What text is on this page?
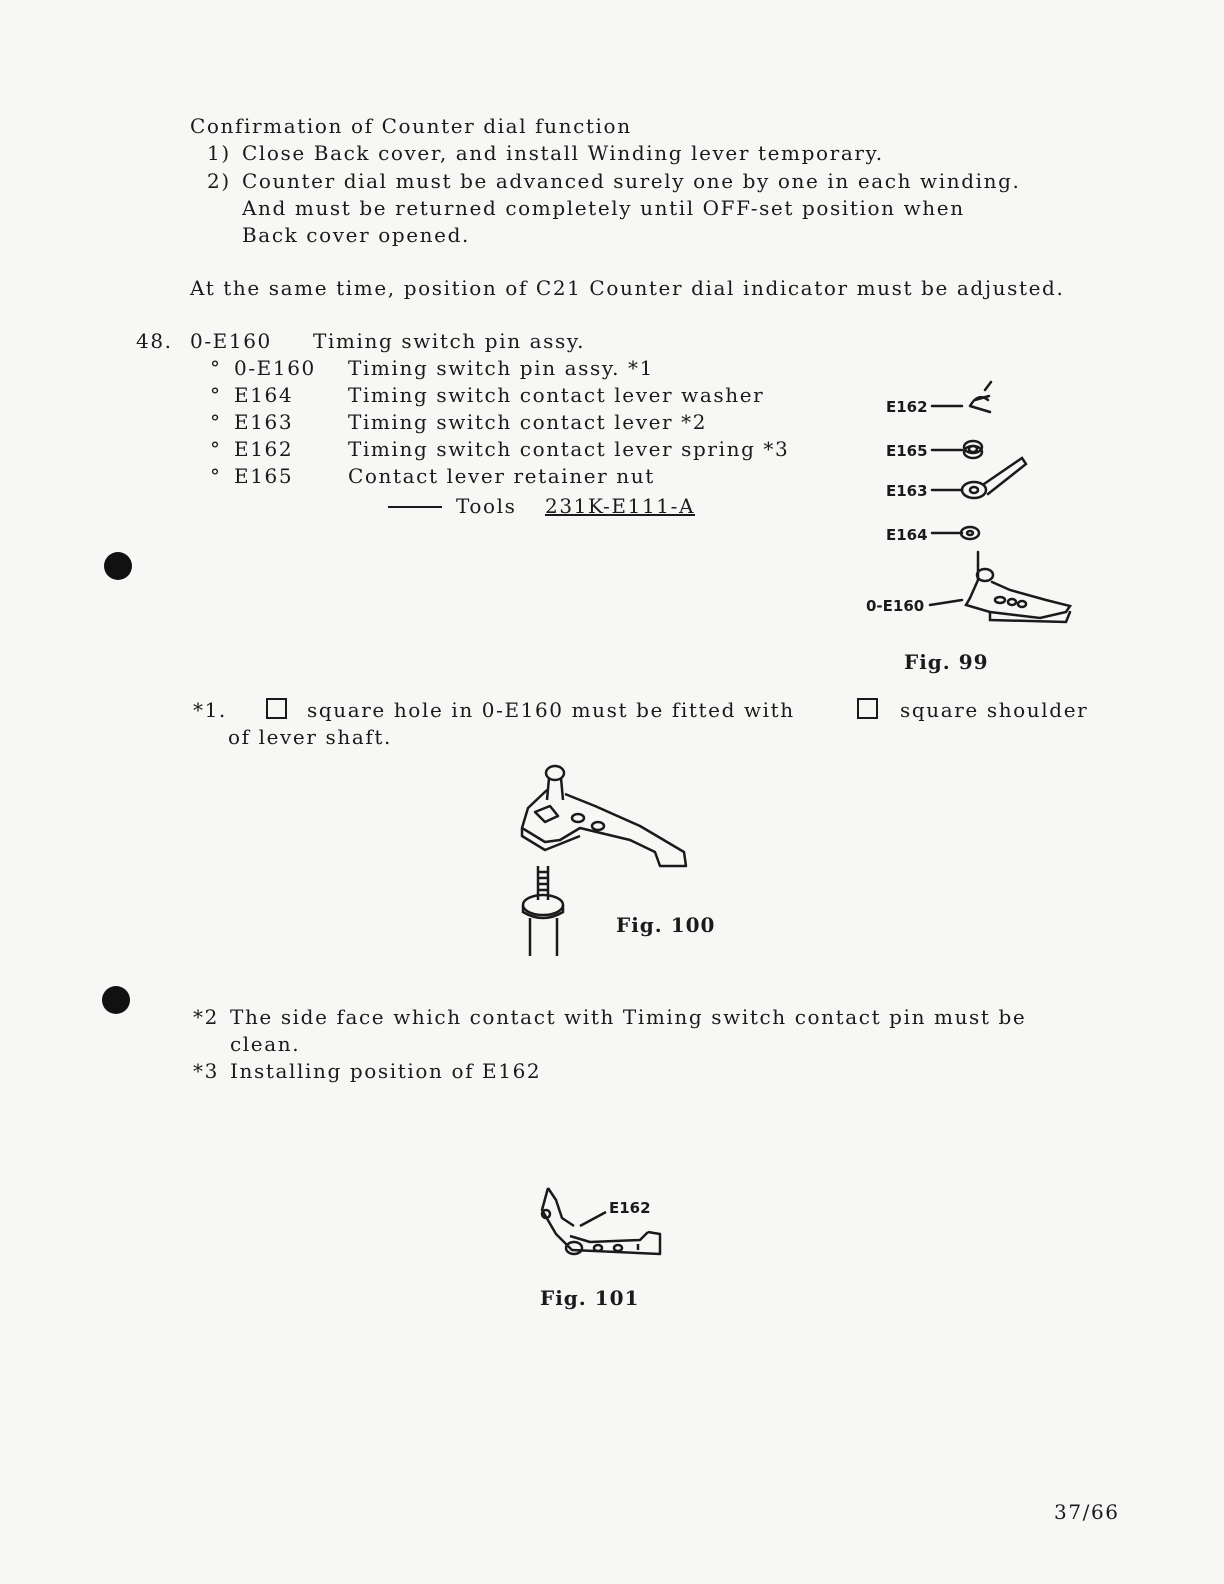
Confirmation of Counter dial function
1) Close Back cover, and install Winding lever temporary.
2) Counter dial must be advanced surely one by one in each winding.
And must be returned completely until OFF-set position when
Back cover opened.
At the same time, position of C21 Counter dial indicator must be adjusted.
48. 0-E160 Timing switch pin assy.
° 0-E160 Timing switch pin assy. *1
° E164	Timing switch contact lever washer
° E163	Timing switch contact lever *2
° E162	Timing switch contact lever spring *3
° E165	Contact lever retainer nut
Tools 231K-E111-A
E162
E165
E163
E164
0-E160
Fig. 99
*1.	square hole in 0-E160 must be fitted with	square shoulder
of lever shaft.
Fig. 100
*2 The side face which contact with Timing switch contact pin must be
clean.
*3 Installing position of E162
E162
Fig. 101
37/66
